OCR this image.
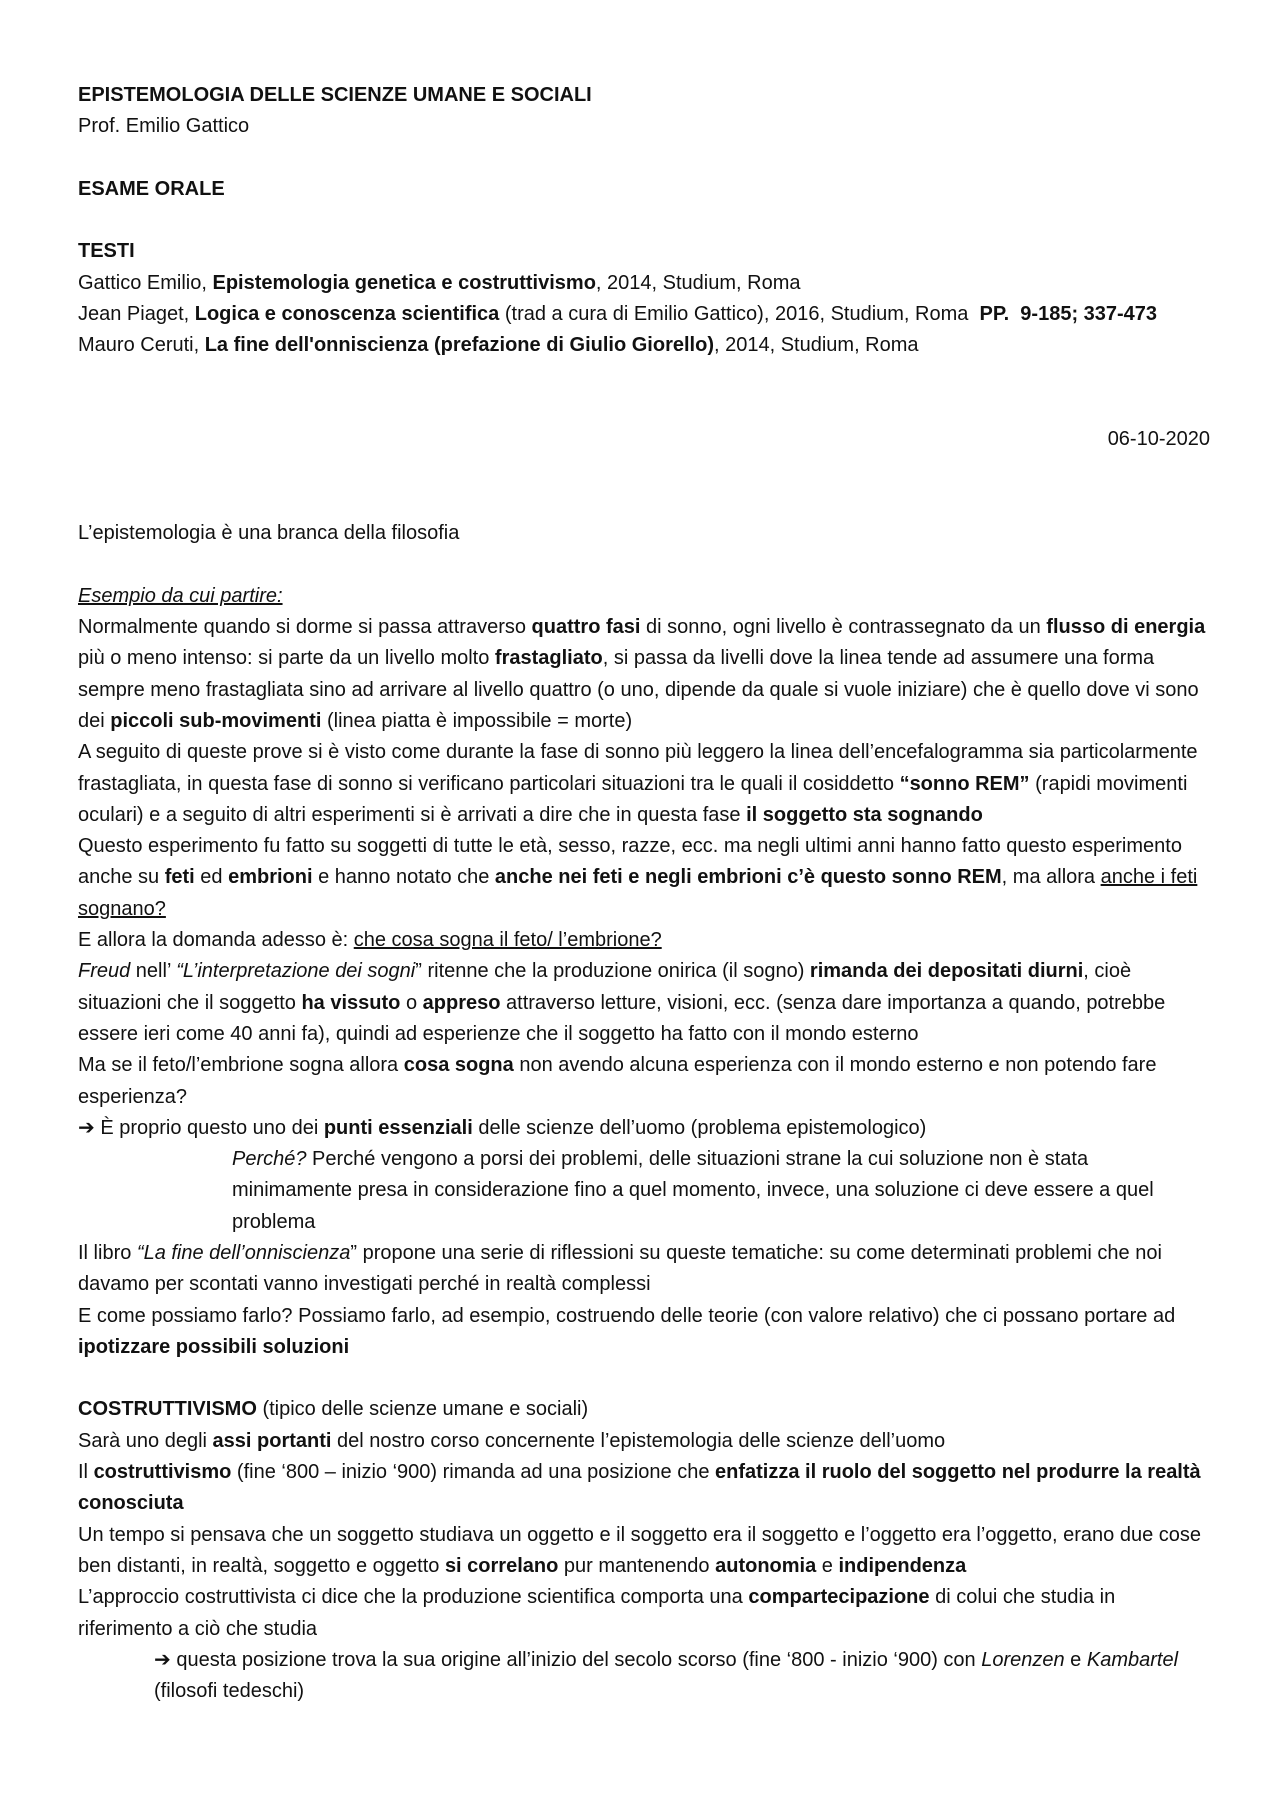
EPISTEMOLOGIA DELLE SCIENZE UMANE E SOCIALI

Prof. Emilio Gattico

ESAME ORALE

TESTI

Gattico Emilio, Epistemologia genetica e costruttivismo, 2014, Studium, Roma

Jean Piaget, Logica e conoscenza scientifica (trad a cura di Emilio Gattico), 2016, Studium, Roma  PP.  9-185; 337-473

Mauro Ceruti, La fine dell'onniscienza (prefazione di Giulio Giorello), 2014, Studium, Roma

06-10-2020

L’epistemologia è una branca della filosofia

Esempio da cui partire:

Normalmente quando si dorme si passa attraverso quattro fasi di sonno, ogni livello è contrassegnato da un flusso di energia più o meno intenso: si parte da un livello molto frastagliato, si passa da livelli dove la linea tende ad assumere una forma sempre meno frastagliata sino ad arrivare al livello quattro (o uno, dipende da quale si vuole iniziare) che è quello dove vi sono dei piccoli sub-movimenti (linea piatta è impossibile = morte)

A seguito di queste prove si è visto come durante la fase di sonno più leggero la linea dell’encefalogramma sia particolarmente frastagliata, in questa fase di sonno si verificano particolari situazioni tra le quali il cosiddetto “sonno REM” (rapidi movimenti oculari) e a seguito di altri esperimenti si è arrivati a dire che in questa fase il soggetto sta sognando

Questo esperimento fu fatto su soggetti di tutte le età, sesso, razze, ecc. ma negli ultimi anni hanno fatto questo esperimento anche su feti ed embrioni e hanno notato che anche nei feti e negli embrioni c’è questo sonno REM, ma allora anche i feti sognano?

E allora la domanda adesso è: che cosa sogna il feto/ l’embrione?

Freud nell’ “L’interpretazione dei sogni” ritenne che la produzione onirica (il sogno) rimanda dei depositati diurni, cioè situazioni che il soggetto ha vissuto o appreso attraverso letture, visioni, ecc. (senza dare importanza a quando, potrebbe essere ieri come 40 anni fa), quindi ad esperienze che il soggetto ha fatto con il mondo esterno

Ma se il feto/l’embrione sogna allora cosa sogna non avendo alcuna esperienza con il mondo esterno e non potendo fare esperienza?

➔ È proprio questo uno dei punti essenziali delle scienze dell’uomo (problema epistemologico)

Perché? Perché vengono a porsi dei problemi, delle situazioni strane la cui soluzione non è stata minimamente presa in considerazione fino a quel momento, invece, una soluzione ci deve essere a quel problema

Il libro “La fine dell’onniscienza” propone una serie di riflessioni su queste tematiche: su come determinati problemi che noi davamo per scontati vanno investigati perché in realtà complessi

E come possiamo farlo? Possiamo farlo, ad esempio, costruendo delle teorie (con valore relativo) che ci possano portare ad ipotizzare possibili soluzioni

COSTRUTTIVISMO (tipico delle scienze umane e sociali)

Sarà uno degli assi portanti del nostro corso concernente l’epistemologia delle scienze dell’uomo

Il costruttivismo (fine ‘800 – inizio ‘900) rimanda ad una posizione che enfatizza il ruolo del soggetto nel produrre la realtà conosciuta

Un tempo si pensava che un soggetto studiava un oggetto e il soggetto era il soggetto e l’oggetto era l’oggetto, erano due cose ben distanti, in realtà, soggetto e oggetto si correlano pur mantenendo autonomia e indipendenza

L’approccio costruttivista ci dice che la produzione scientifica comporta una compartecipazione di colui che studia in riferimento a ciò che studia

➔ questa posizione trova la sua origine all’inizio del secolo scorso (fine ‘800 - inizio ‘900) con Lorenzen e Kambartel (filosofi tedeschi)
